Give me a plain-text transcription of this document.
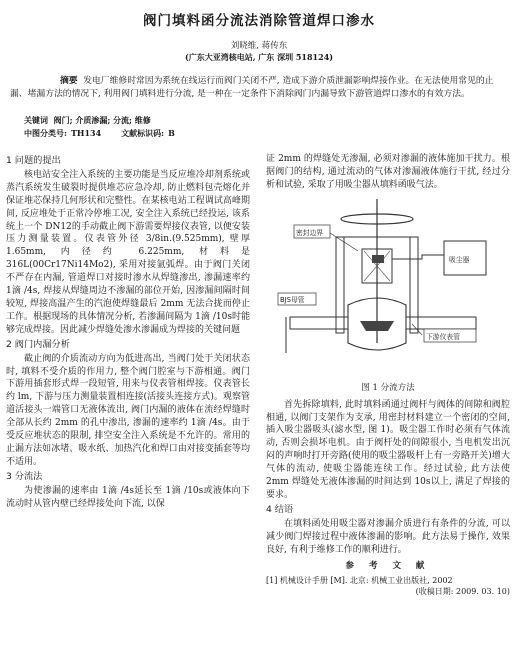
阀门填料函分流法消除管道焊口渗水
刘晓维, 蒋传东
(广东大亚湾核电站, 广东 深圳 518124)
摘要 发电厂维修时常因为系统在线运行而阀门关闭不严, 造成下游介质泄漏影响焊接作业。在无法使用常见的止漏、堵漏方法的情况下, 利用阀门填料进行分流, 是一种在一定条件下消除阀门内漏导致下游管道焊口渗水的有效方法。
关键词 阀门; 介质渗漏; 分流; 维修
中图分类号: TH134	文献标识码: B

1 问题的提出

核电站安全注入系统的主要功能是当反应堆冷却剂系统或蒸汽系统发生破裂时提供堆芯应急冷却, 防止燃料包壳熔化并保证堆芯保持几何形状和完整性。在某核电站工程调试高峰期间, 反应堆处于正常冷停堆工况, 安全注入系统已经投运, 该系统上一个 DN12的手动截止阀下游需要焊接仪表管, 以便安装压力测量装置。仪表管外径 3/8in.(9.525mm), 壁厚 1.65mm, 内径约 6.225mm, 材料是 316L(00Cr17Ni14Mo2), 采用对接氩弧焊。由于阀门关闭不严存在内漏, 管道焊口对接时渗水从焊缝渗出, 渗漏速率约 1滴 /4s, 焊接从焊缝周边不渗漏的部位开始, 因渗漏间隔时间较短, 焊接高温产生的汽泡使焊缝最后 2mm 无法合拢而停止工作。根据现场的具体情况分析, 若渗漏间隔为 1滴 /10s时能够完成焊接。因此减少焊缝处渗水渗漏成为焊接的关键问题

2 阀门内漏分析

截止阀的介质流动方向为低进高出, 当阀门处于关闭状态时, 填料不受介质的作用力, 整个阀门腔室与下游相通。阀门下游用插套形式焊一段短管, 用来与仪表管相焊接。仪表管长约 lm, 下游与压力测量装置相连接(活接头连接方式)。观察管道活接头一端管口无液体流出, 阀门内漏的液体在流经焊缝时全部从长约 2mm 的孔中渗出, 渗漏的速率约 1滴 /4s。由于受反应堆状态的限制, 排空安全注入系统是不允许的。常用的止漏方法如冰堵、吸水纸、加热汽化和焊口由对接变插套等均不适用。

3 分流法

为使渗漏的速率由 1滴 /4s延长至 1滴 /10s或液体向下流动时从管内壁已经焊接处向下流, 以保

证 2mm 的焊缝处无渗漏, 必须对渗漏的液体施加干扰力。根据阀门的结构, 通过流动的气体对渗漏液体施行干扰, 经过分析和试验, 采取了用吸尘器从填料函吸气法。

吸尘器
密封边界
BJS母管
下游仪表管

图 1 分流方法

首先拆除填料, 此时填料函通过阀杆与阀体的间隙和阀腔相通, 以阀门支架作为支承, 用密封材料建立一个密闭的空间, 插入吸尘器吸头(滤水型, 图 1)。吸尘器工作时必须有气体流动, 否则会损坏电机。由于阀杆处的间隙很小, 当电机发出沉闷的声响时打开旁路(使用的吸尘器吸杆上有一旁路开关)增大气体的流动, 使吸尘器能连续工作。经过试验, 此方法使 2mm 焊缝处无液体渗漏的时间达到 10s以上, 满足了焊接的要求。

4 结语

在填料函处用吸尘器对渗漏介质进行有条件的分流, 可以减少阀门焊接过程中液体渗漏的影响。此方法易于操作, 效果良好, 有利于维修工作的顺利进行。

参 考 文 献

[1] 机械设计手册 [M]. 北京: 机械工业出版社, 2002

(收稿日期: 2009. 03. 10)
